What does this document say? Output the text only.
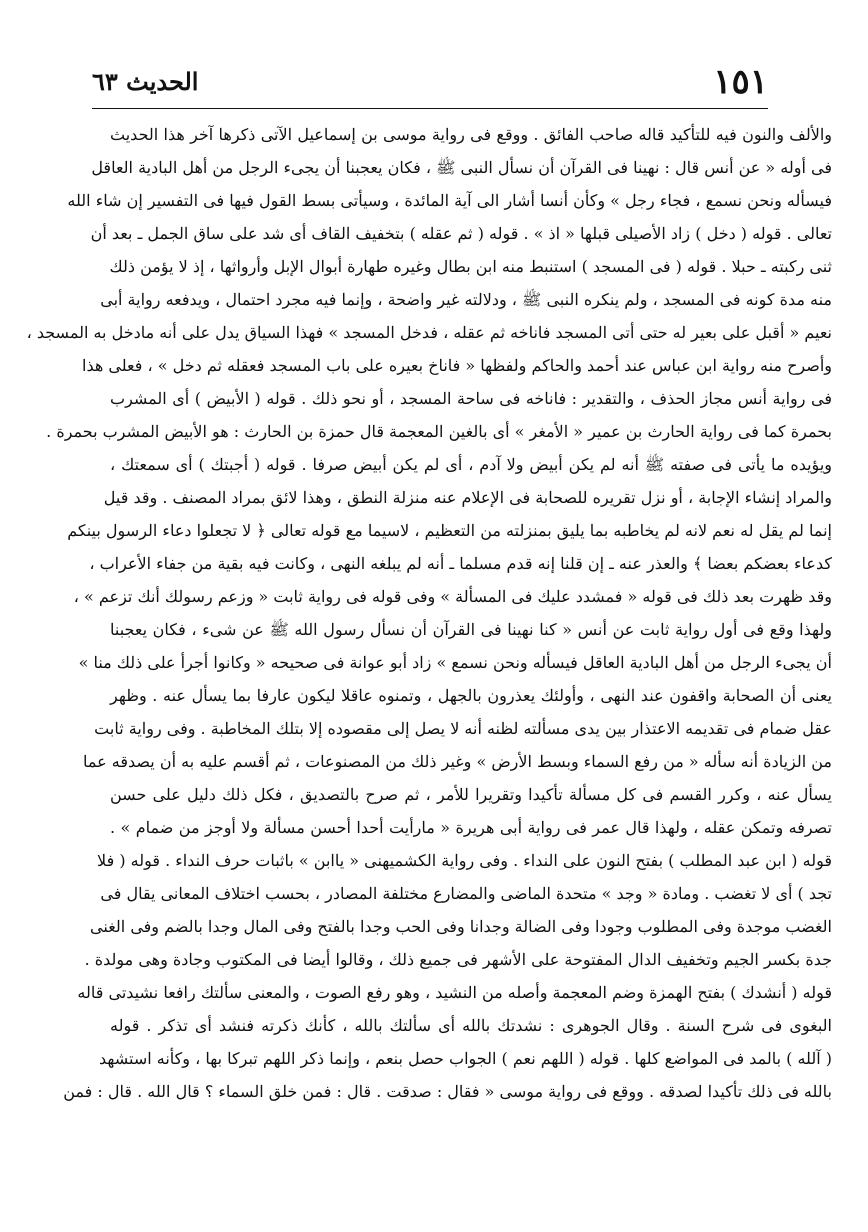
١٥١
الحديث ٦٣
والألف والنون فيه للتأكيد قاله صاحب الفائق . ووقع فى رواية موسى بن إسماعيل الآتى ذكرها آخر هذا الحديث
فى أوله « عن أنس قال : نهينا فى القرآن أن نسأل النبى ﷺ ، فكان يعجبنا أن يجىء الرجل من أهل البادية العاقل
فيسأله ونحن نسمع ، فجاء رجل » وكأن أنسا أشار الى آية المائدة ، وسيأتى بسط القول فيها فى التفسير إن شاء الله
تعالى . قوله ( دخل ) زاد الأصيلى قبلها « اذ » . قوله ( ثم عقله ) بتخفيف القاف أى شد على ساق الجمل ـ بعد أن
ثنى ركبته ـ حبلا . قوله ( فى المسجد ) استنبط منه ابن بطال وغيره طهارة أبوال الإبل وأرواثها ، إذ لا يؤمن ذلك
منه مدة كونه فى المسجد ، ولم ينكره النبى ﷺ ، ودلالته غير واضحة ، وإنما فيه مجرد احتمال ، ويدفعه رواية أبى
نعيم « أقبل على بعير له حتى أتى المسجد فاناخه ثم عقله ، فدخل المسجد » فهذا السياق يدل على أنه مادخل به المسجد ،
وأصرح منه رواية ابن عباس عند أحمد والحاكم ولفظها « فاناخ بعيره على باب المسجد فعقله ثم دخل » ، فعلى هذا
فى رواية أنس مجاز الحذف ، والتقدير : فاناخه فى ساحة المسجد ، أو نحو ذلك . قوله ( الأبيض ) أى المشرب
بحمرة كما فى رواية الحارث بن عمير « الأمغر » أى بالغين المعجمة قال حمزة بن الحارث : هو الأبيض المشرب بحمرة .
ويؤيده ما يأتى فى صفته ﷺ أنه لم يكن أبيض ولا آدم ، أى لم يكن أبيض صرفا . قوله ( أجبتك ) أى سمعتك ،
والمراد إنشاء الإجابة ، أو نزل تقريره للصحابة فى الإعلام عنه منزلة النطق ، وهذا لائق بمراد المصنف . وقد قيل
إنما لم يقل له نعم لانه لم يخاطبه بما يليق بمنزلته من التعظيم ، لاسيما مع قوله تعالى ﴿ لا تجعلوا دعاء الرسول بينكم
كدعاء بعضكم بعضا ﴾ والعذر عنه ـ إن قلنا إنه قدم مسلما ـ أنه لم يبلغه النهى ، وكانت فيه بقية من جفاء الأعراب ،
وقد ظهرت بعد ذلك فى قوله « فمشدد عليك فى المسألة » وفى قوله فى رواية ثابت « وزعم رسولك أنك تزعم » ،
ولهذا وقع فى أول رواية ثابت عن أنس « كنا نهينا فى القرآن أن نسأل رسول الله ﷺ عن شىء ، فكان يعجبنا
أن يجىء الرجل من أهل البادية العاقل فيسأله ونحن نسمع » زاد أبو عوانة فى صحيحه « وكانوا أجرأ على ذلك منا »
يعنى أن الصحابة واقفون عند النهى ، وأولئك يعذرون بالجهل ، وتمنوه عاقلا ليكون عارفا بما يسأل عنه . وظهر
عقل ضمام فى تقديمه الاعتذار بين يدى مسألته لظنه أنه لا يصل إلى مقصوده إلا بتلك المخاطبة . وفى رواية ثابت
من الزيادة أنه سأله « من رفع السماء وبسط الأرض » وغير ذلك من المصنوعات ، ثم أقسم عليه به أن يصدقه عما
يسأل عنه ، وكرر القسم فى كل مسألة تأكيدا وتقريرا للأمر ، ثم صرح بالتصديق ، فكل ذلك دليل على حسن
تصرفه وتمكن عقله ، ولهذا قال عمر فى رواية أبى هريرة « مارأيت أحدا أحسن مسألة ولا أوجز من ضمام » .
قوله ( ابن عبد المطلب ) بفتح النون على النداء . وفى رواية الكشميهنى « ياابن » باثبات حرف النداء . قوله ( فلا
تجد ) أى لا تغضب . ومادة « وجد » متحدة الماضى والمضارع مختلفة المصادر ، بحسب اختلاف المعانى يقال فى
الغضب موجدة وفى المطلوب وجودا وفى الضالة وجدانا وفى الحب وجدا بالفتح وفى المال وجدا بالضم وفى الغنى
جدة بكسر الجيم وتخفيف الدال المفتوحة على الأشهر فى جميع ذلك ، وقالوا أيضا فى المكتوب وجادة وهى مولدة .
قوله ( أنشدك ) بفتح الهمزة وضم المعجمة وأصله من النشيد ، وهو رفع الصوت ، والمعنى سألتك رافعا نشيدتى قاله
البغوى فى شرح السنة . وقال الجوهرى : نشدتك بالله أى سألتك بالله ، كأنك ذكرته فنشد أى تذكر . قوله
( آلله ) بالمد فى المواضع كلها . قوله ( اللهم نعم ) الجواب حصل بنعم ، وإنما ذكر اللهم تبركا بها ، وكأنه استشهد
بالله فى ذلك تأكيدا لصدقه . ووقع فى رواية موسى « فقال : صدقت . قال : فمن خلق السماء ؟ قال الله . قال : فمن
